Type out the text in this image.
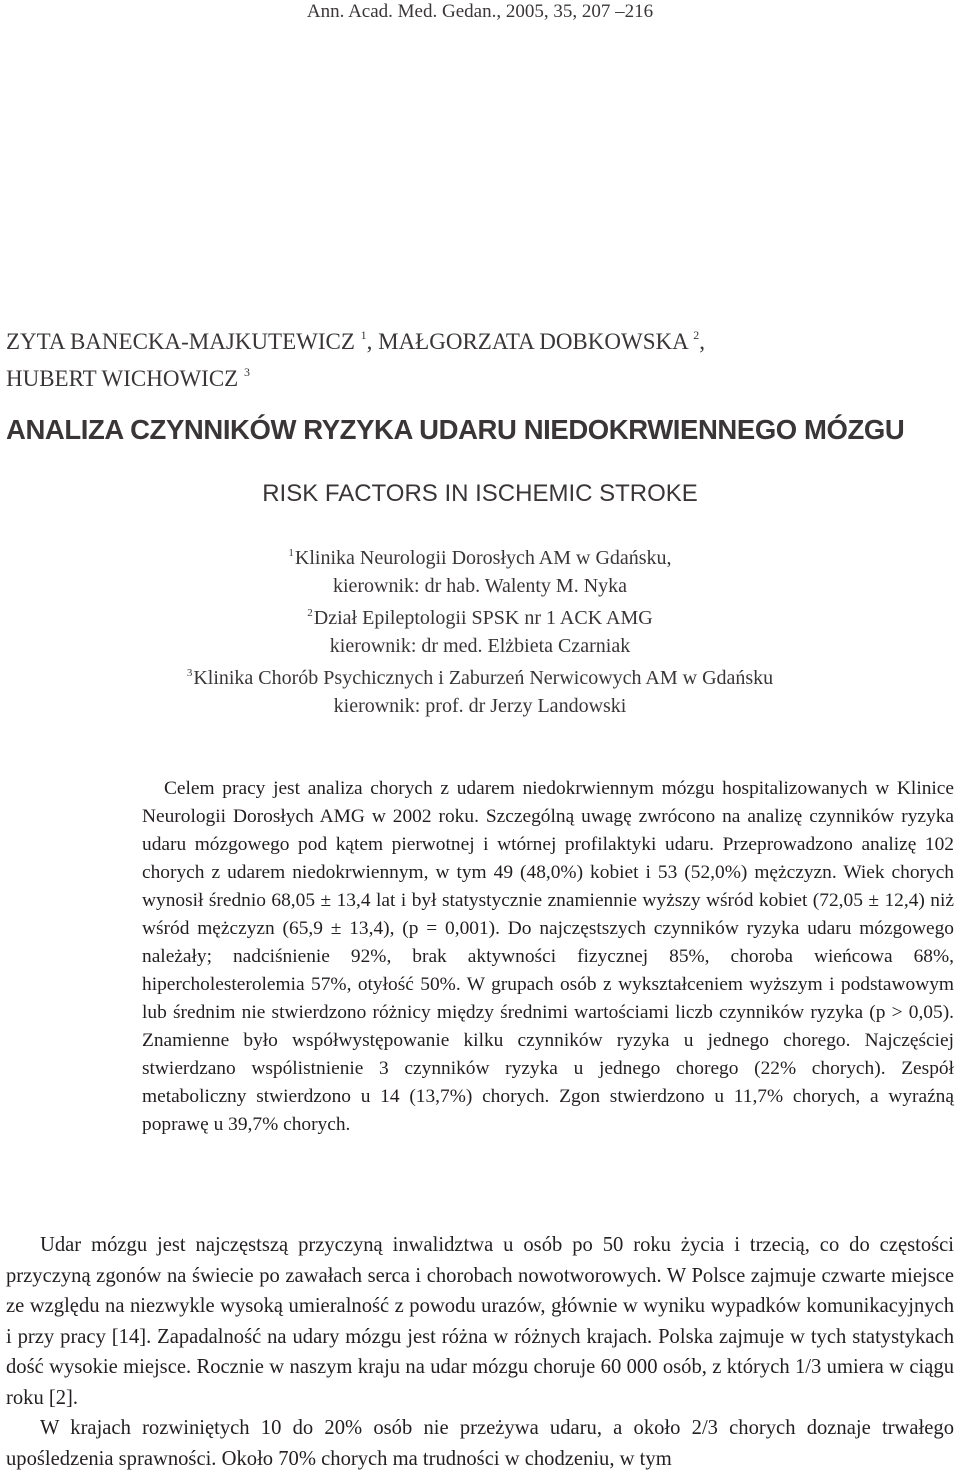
Ann. Acad. Med. Gedan., 2005, 35, 207 –216
ZYTA BANECKA-MAJKUTEWICZ $^1$, MAŁGORZATA DOBKOWSKA $^2$,
HUBERT WICHOWICZ $^3$
ANALIZA CZYNNIKÓW RYZYKA UDARU NIEDOKRWIENNEGO MÓZGU
RISK FACTORS IN ISCHEMIC STROKE
$^1$Klinika Neurologii Dorosłych AM w Gdańsku,
kierownik: dr hab. Walenty M. Nyka
$^2$Dział Epileptologii SPSK nr 1 ACK AMG
kierownik: dr med. Elżbieta Czarniak
$^3$Klinika Chorób Psychicznych i Zaburzeń Nerwicowych AM w Gdańsku
kierownik: prof. dr Jerzy Landowski
Celem pracy jest analiza chorych z udarem niedokrwiennym mózgu hospitalizowanych w Klinice Neurologii Dorosłych AMG w 2002 roku. Szczególną uwagę zwrócono na analizę czynników ryzyka udaru mózgowego pod kątem pierwotnej i wtórnej profilaktyki udaru. Przeprowadzono analizę 102 chorych z udarem niedokrwiennym, w tym 49 (48,0%) kobiet i 53 (52,0%) mężczyzn. Wiek chorych wynosił średnio 68,05 ± 13,4 lat i był statystycznie znamiennie wyższy wśród kobiet (72,05 ± 12,4) niż wśród mężczyzn (65,9 ± 13,4), (p = 0,001). Do najczęstszych czynników ryzyka udaru mózgowego należały; nadciśnienie 92%, brak aktywności fizycznej 85%, choroba wieńcowa 68%, hipercholesterolemia 57%, otyłość 50%. W grupach osób z wykształceniem wyższym i podstawowym lub średnim nie stwierdzono różnicy między średnimi wartościami liczb czynników ryzyka (p > 0,05). Znamienne było współwystępowanie kilku czynników ryzyka u jednego chorego. Najczęściej stwierdzano wspólistnienie 3 czynników ryzyka u jednego chorego (22% chorych). Zespół metaboliczny stwierdzono u 14 (13,7%) chorych. Zgon stwierdzono u 11,7% chorych, a wyraźną poprawę u 39,7% chorych.

Udar mózgu jest najczęstszą przyczyną inwalidztwa u osób po 50 roku życia i trzecią, co do częstości przyczyną zgonów na świecie po zawałach serca i chorobach nowotworowych. W Polsce zajmuje czwarte miejsce ze względu na niezwykle wysoką umieralność z powodu urazów, głównie w wyniku wypadków komunikacyjnych i przy pracy [14]. Zapadalność na udary mózgu jest różna w różnych krajach. Polska zajmuje w tych statystykach dość wysokie miejsce. Rocznie w naszym kraju na udar mózgu choruje 60 000 osób, z których 1/3 umiera w ciągu roku [2].

W krajach rozwiniętych 10 do 20% osób nie przeżywa udaru, a około 2/3 chorych doznaje trwałego upośledzenia sprawności. Około 70% chorych ma trudności w chodzeniu, w tym
